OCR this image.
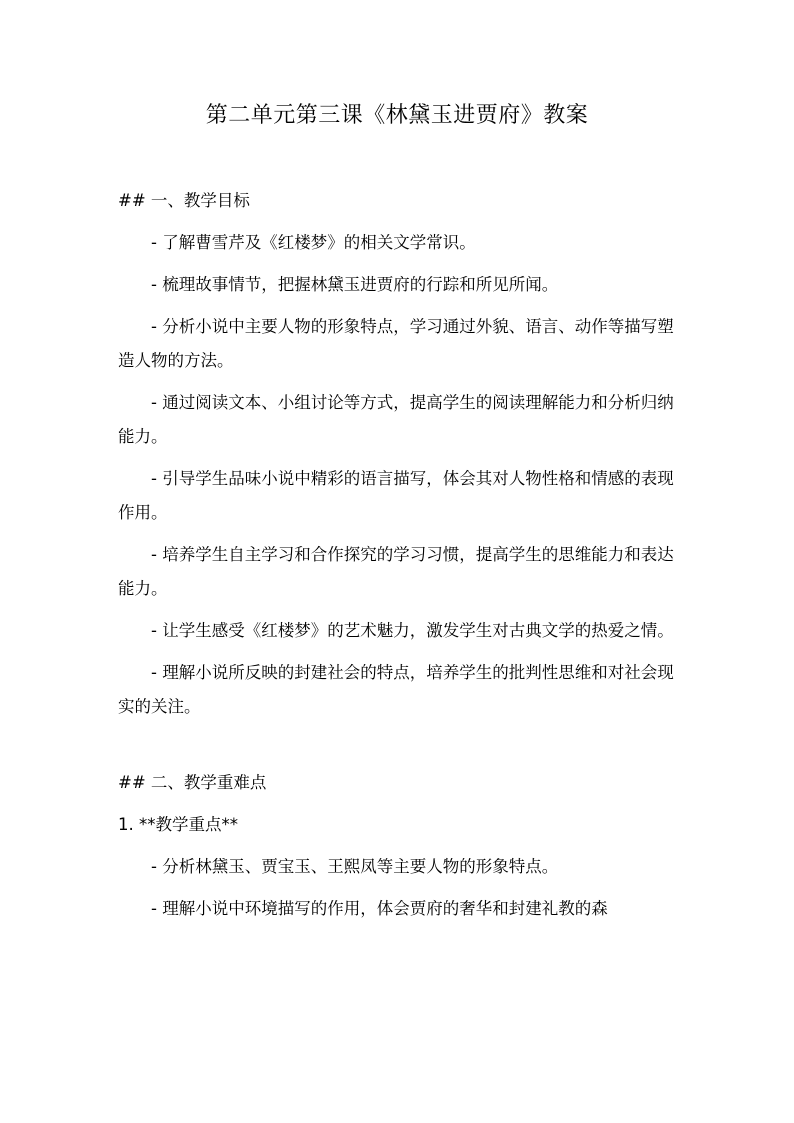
第二单元第三课《林黛玉进贾府》教案

## 一、教学目标

- 了解曹雪芹及《红楼梦》的相关文学常识。

- 梳理故事情节，把握林黛玉进贾府的行踪和所见所闻。

- 分析小说中主要人物的形象特点，学习通过外貌、语言、动作等描写塑造人物的方法。

- 通过阅读文本、小组讨论等方式，提高学生的阅读理解能力和分析归纳能力。

- 引导学生品味小说中精彩的语言描写，体会其对人物性格和情感的表现作用。

- 培养学生自主学习和合作探究的学习习惯，提高学生的思维能力和表达能力。

- 让学生感受《红楼梦》的艺术魅力，激发学生对古典文学的热爱之情。

- 理解小说所反映的封建社会的特点，培养学生的批判性思维和对社会现实的关注。

## 二、教学重难点

1. **教学重点**

- 分析林黛玉、贾宝玉、王熙凤等主要人物的形象特点。

- 理解小说中环境描写的作用，体会贾府的奢华和封建礼教的森
